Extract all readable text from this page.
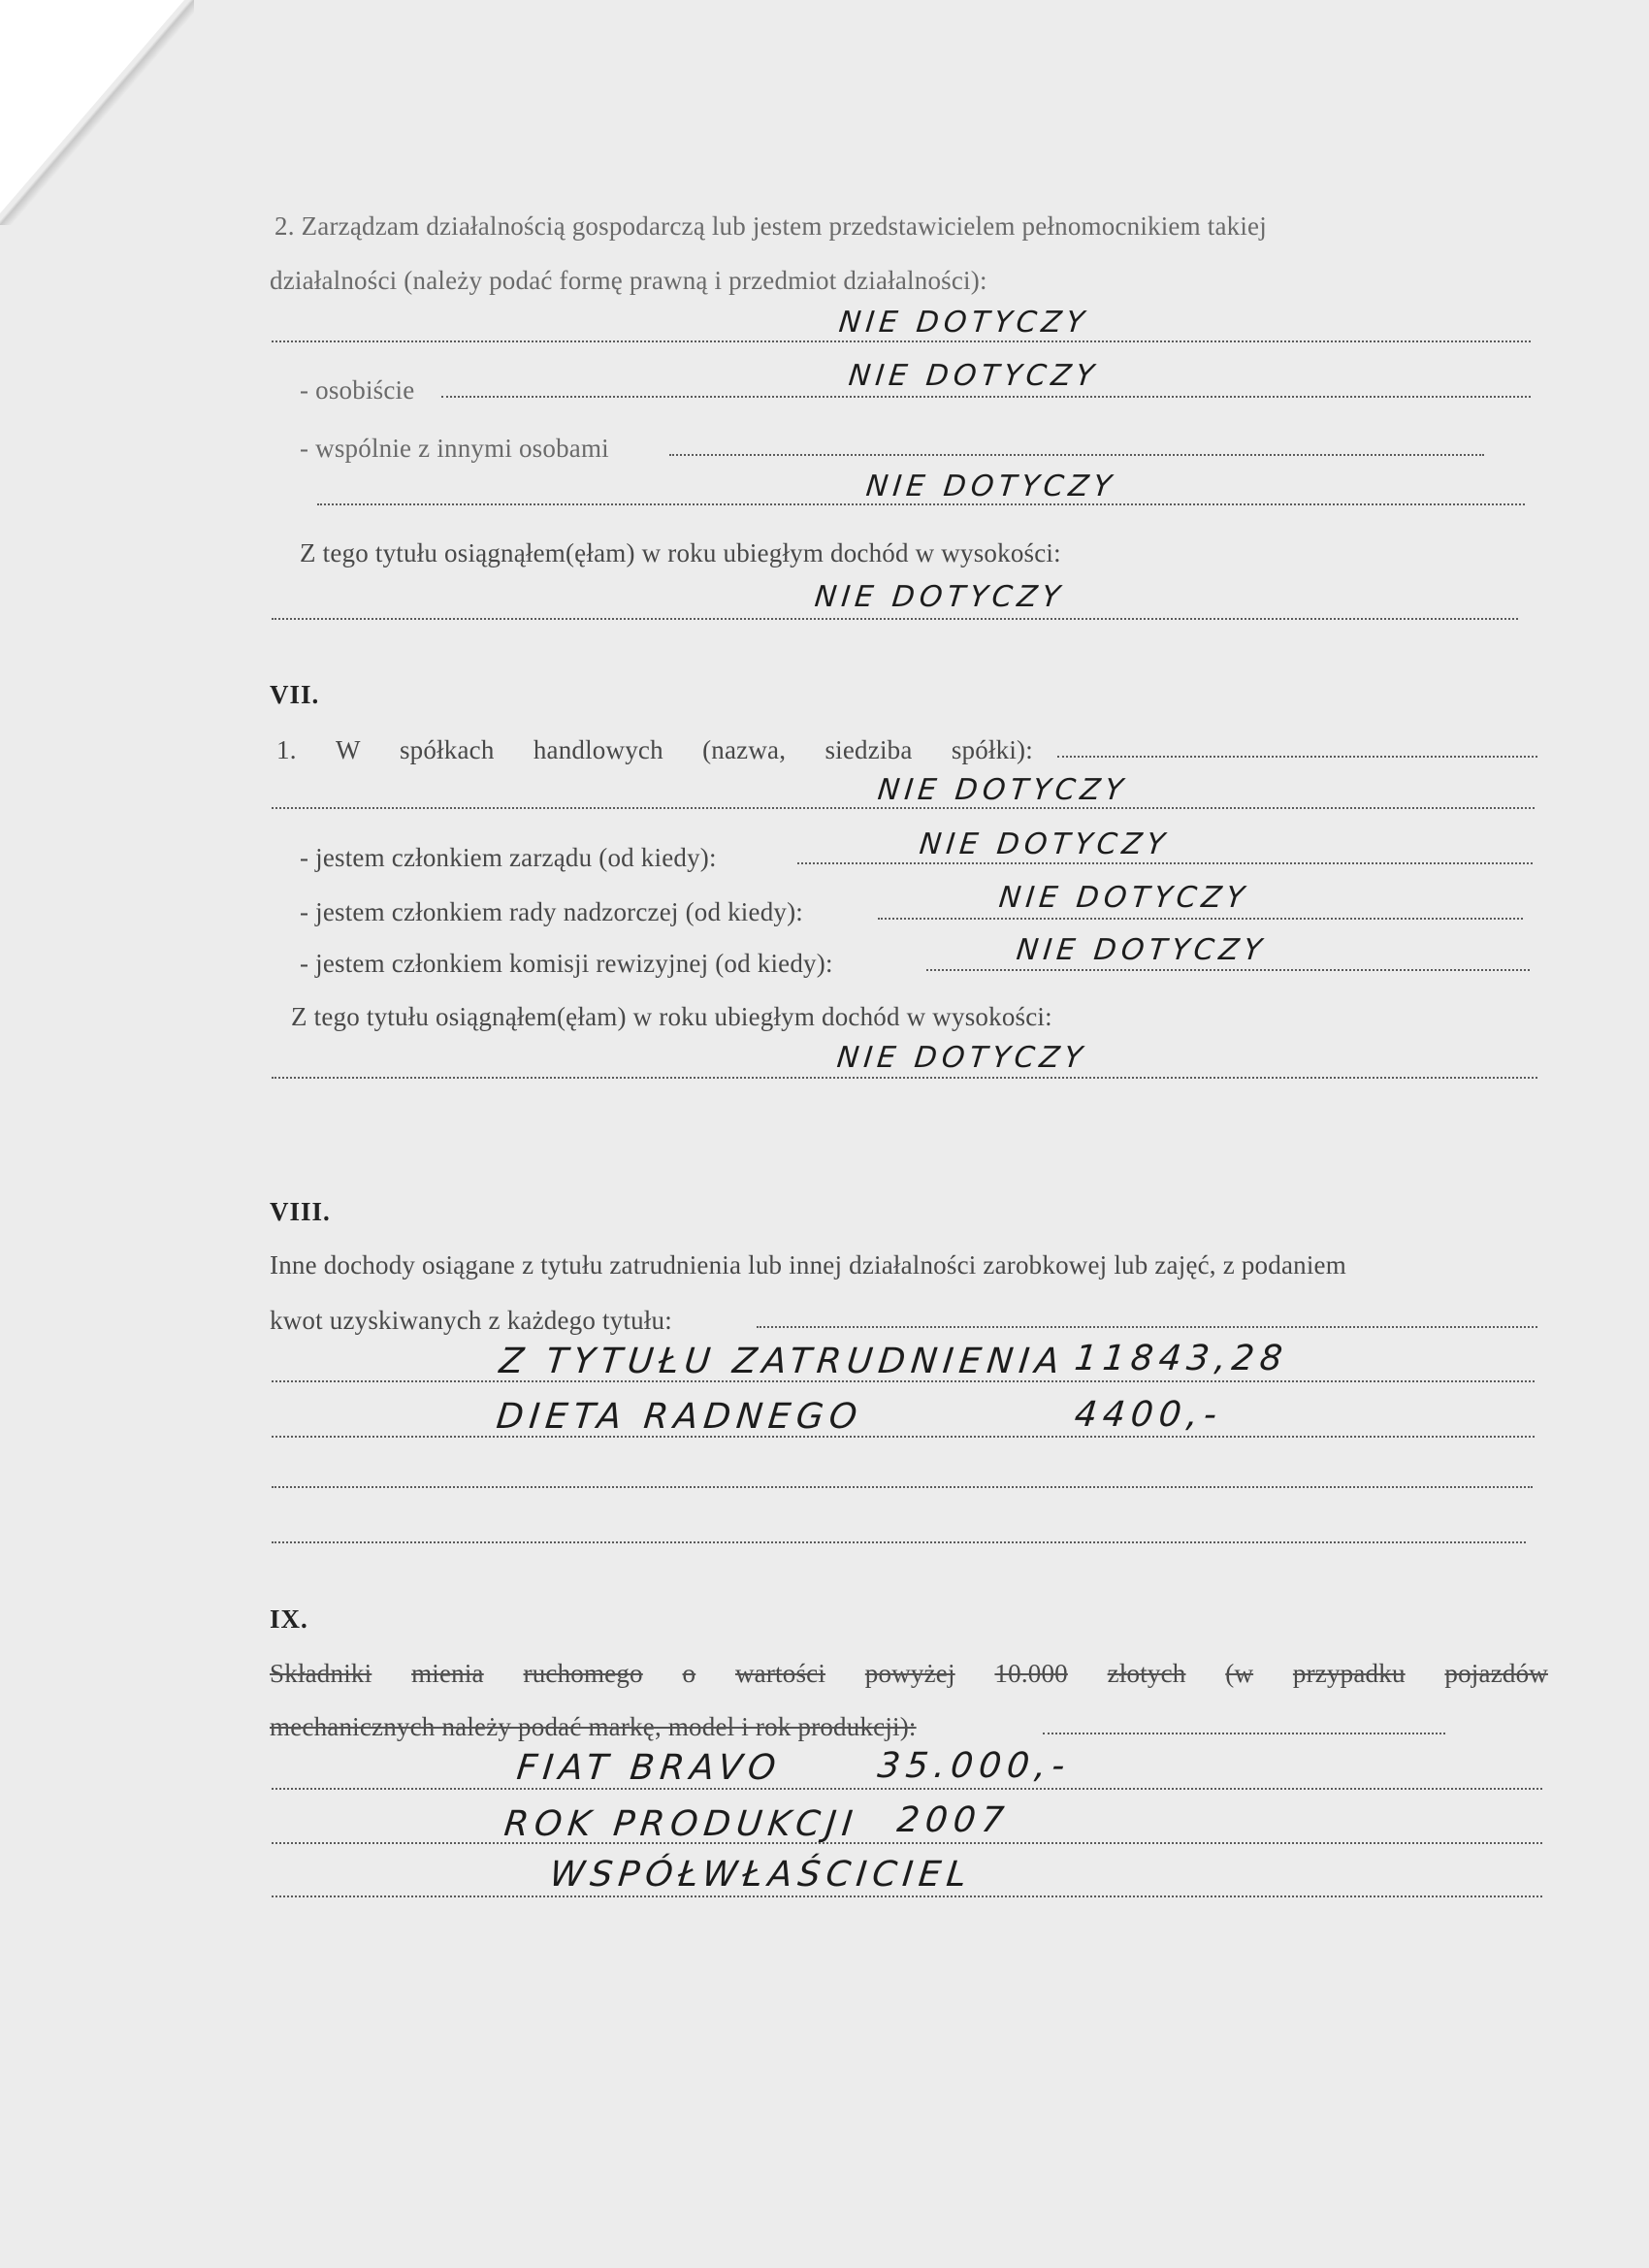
2. Zarządzam działalnością gospodarczą lub jestem przedstawicielem pełnomocnikiem takiej
działalności (należy podać formę prawną i przedmiot działalności):
NIE DOTYCZY
- osobiście	NIE DOTYCZY
- wspólnie z innymi osobami
NIE DOTYCZY
Z tego tytułu osiągnąłem(ęłam) w roku ubiegłym dochód w wysokości:
NIE DOTYCZY
VII.
1. W spółkach handlowych (nazwa, siedziba spółki):
NIE DOTYCZY
- jestem członkiem zarządu (od kiedy):	NIE DOTYCZY
- jestem członkiem rady nadzorczej (od kiedy):	NIE DOTYCZY
- jestem członkiem komisji rewizyjnej (od kiedy):	NIE DOTYCZY
Z tego tytułu osiągnąłem(ęłam) w roku ubiegłym dochód w wysokości:
NIE DOTYCZY
VIII.
Inne dochody osiągane z tytułu zatrudnienia lub innej działalności zarobkowej lub zajęć, z podaniem
kwot uzyskiwanych z każdego tytułu:
Z TYTUŁU ZATRUDNIENIA 11843,28
DIETA RADNEGO	4400,-
IX.
Składniki mienia ruchomego o wartości powyżej 10.000 złotych (w przypadku pojazdów
mechanicznych należy podać markę, model i rok produkcji):
FIAT BRAVO	35.000,-
ROK PRODUKCJI 2007
WSPÓŁWŁAŚCICIEL
